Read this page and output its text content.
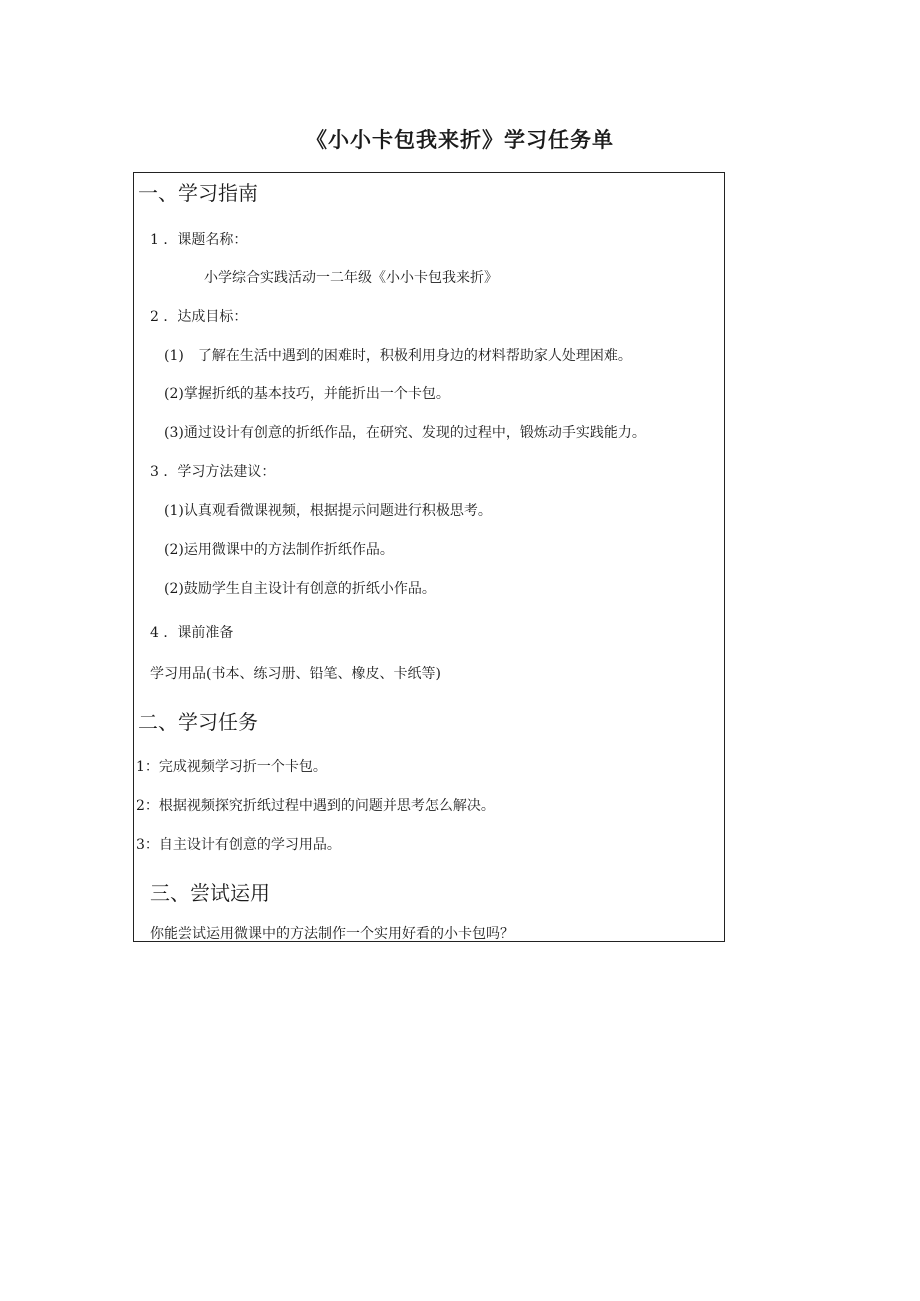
《小小卡包我来折》学习任务单
一、学习指南
1 ．课题名称：
小学综合实践活动一二年级《小小卡包我来折》
2 ．达成目标：
(1)　了解在生活中遇到的困难时，积极利用身边的材料帮助家人处理困难。
(2)掌握折纸的基本技巧，并能折出一个卡包。
(3)通过设计有创意的折纸作品，在研究、发现的过程中，锻炼动手实践能力。
3 ．学习方法建议：
(1)认真观看微课视频，根据提示问题进行积极思考。
(2)运用微课中的方法制作折纸作品。
(2)鼓励学生自主设计有创意的折纸小作品。
4 ．课前准备
学习用品(书本、练习册、铅笔、橡皮、卡纸等)
二、学习任务
1：完成视频学习折一个卡包。
2：根据视频探究折纸过程中遇到的问题并思考怎么解决。
3：自主设计有创意的学习用品。
三、尝试运用
你能尝试运用微课中的方法制作一个实用好看的小卡包吗？
